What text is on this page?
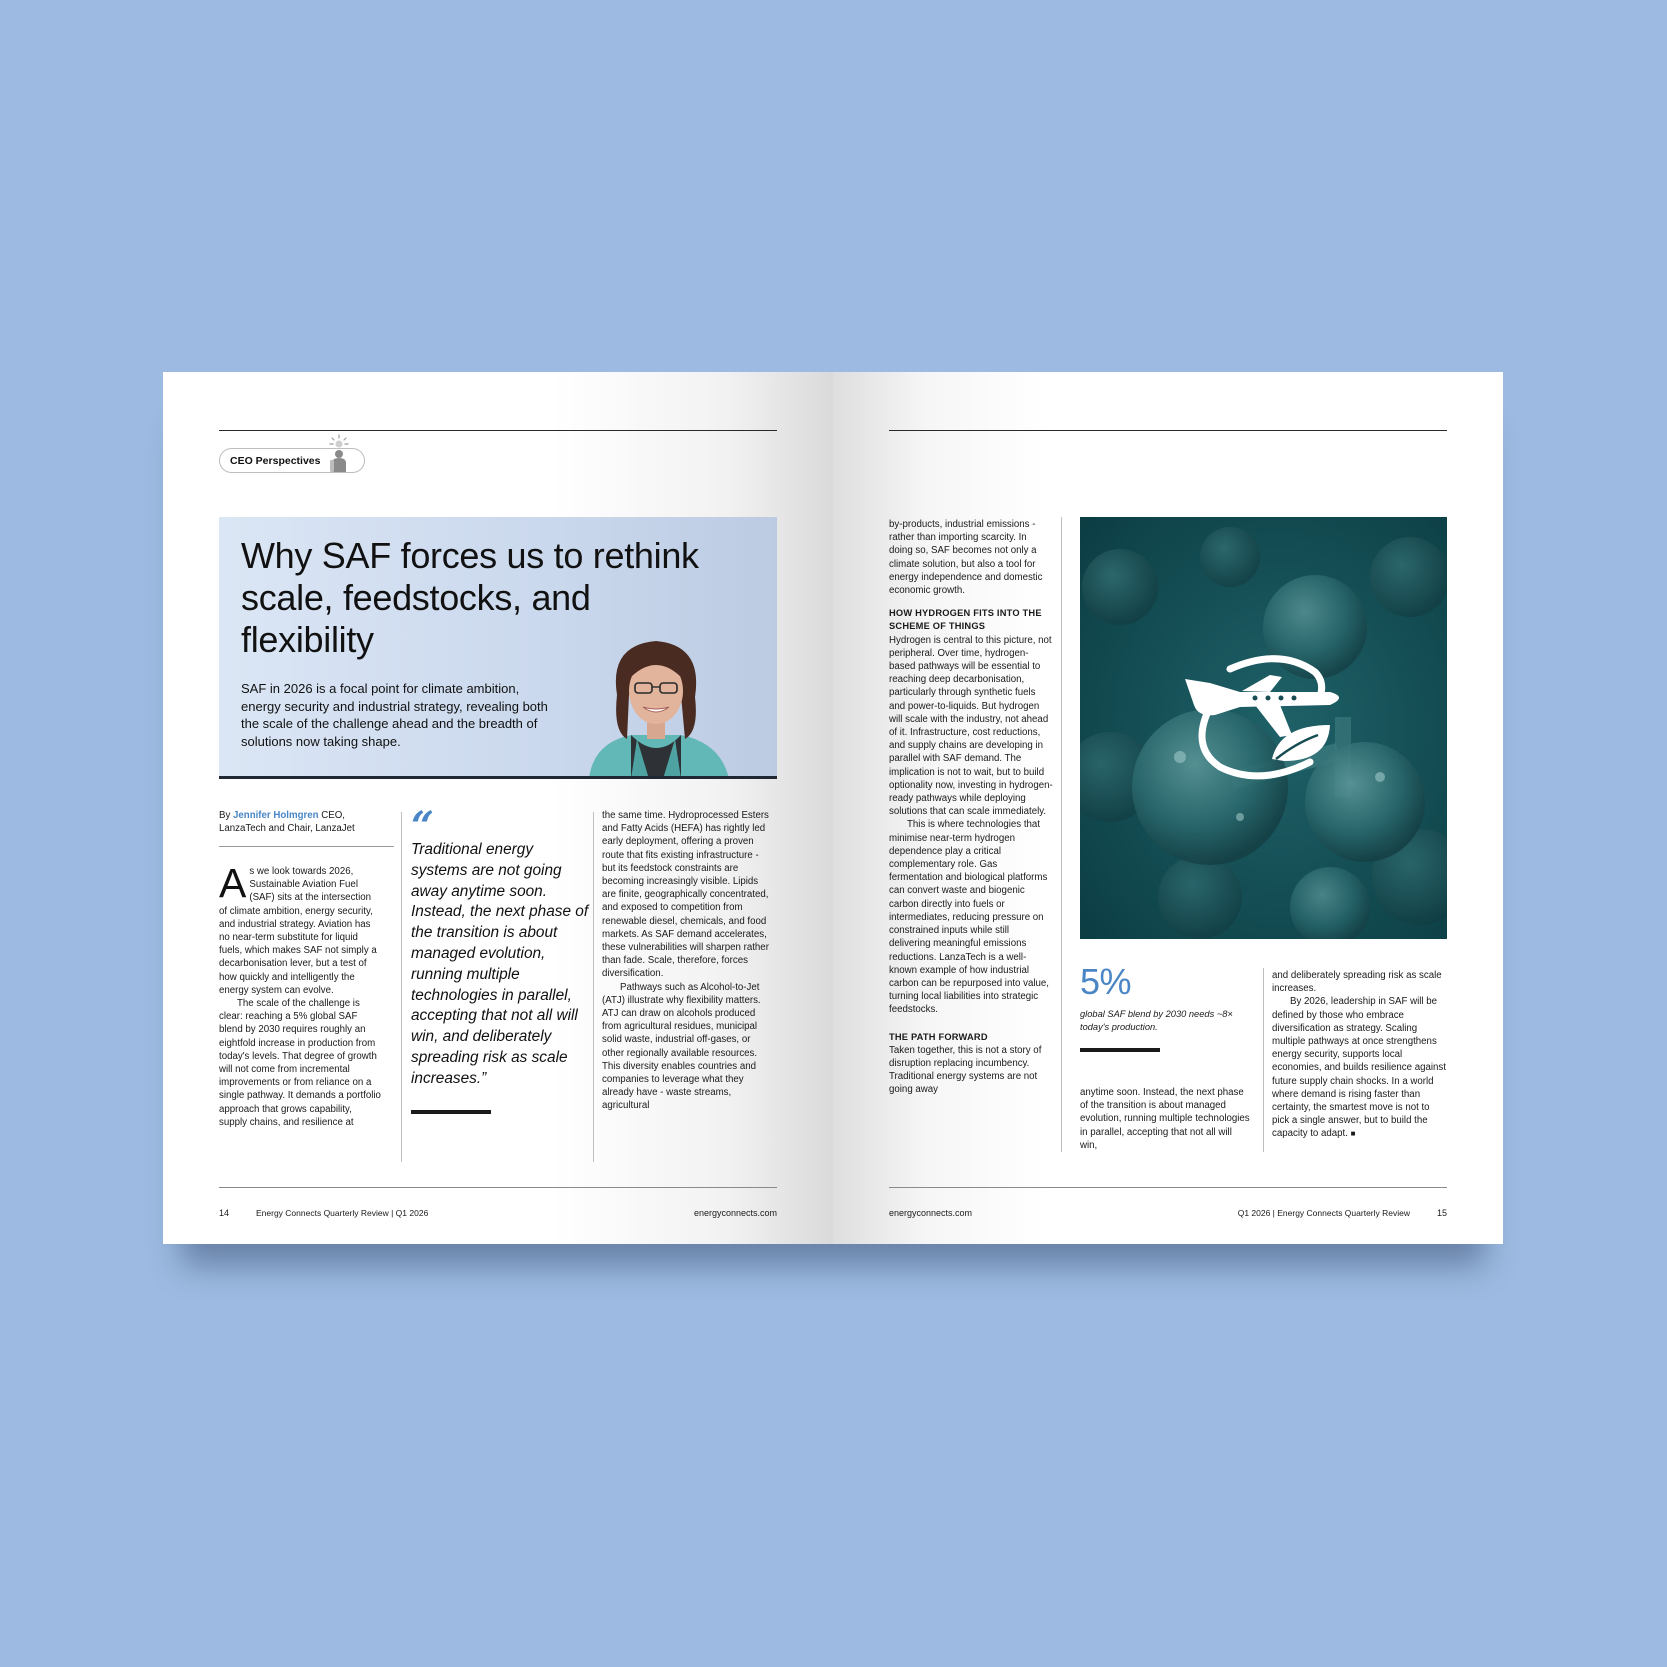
CEO Perspectives
Why SAF forces us to rethink scale, feedstocks, and flexibility

SAF in 2026 is a focal point for climate ambition, energy security and industrial strategy, revealing both the scale of the challenge ahead and the breadth of solutions now taking shape.

By Jennifer Holmgren CEO,
LanzaTech and Chair, LanzaJet

As we look towards 2026, Sustainable Aviation Fuel (SAF) sits at the intersection of climate ambition, energy security, and industrial strategy. Aviation has no near-term substitute for liquid fuels, which makes SAF not simply a decarbonisation lever, but a test of how quickly and intelligently the energy system can evolve.

The scale of the challenge is clear: reaching a 5% global SAF blend by 2030 requires roughly an eightfold increase in production from today's levels. That degree of growth will not come from incremental improvements or from reliance on a single pathway. It demands a portfolio approach that grows capability, supply chains, and resilience at

“

Traditional energy systems are not going away anytime soon. Instead, the next phase of the transition is about managed evolution, running multiple technologies in parallel, accepting that not all will win, and deliberately spreading risk as scale increases.”

the same time. Hydroprocessed Esters and Fatty Acids (HEFA) has rightly led early deployment, offering a proven route that fits existing infrastructure - but its feedstock constraints are becoming increasingly visible. Lipids are finite, geographically concentrated, and exposed to competition from renewable diesel, chemicals, and food markets. As SAF demand accelerates, these vulnerabilities will sharpen rather than fade. Scale, therefore, forces diversification.

Pathways such as Alcohol-to-Jet (ATJ) illustrate why flexibility matters. ATJ can draw on alcohols produced from agricultural residues, municipal solid waste, industrial off-gases, or other regionally available resources. This diversity enables countries and companies to leverage what they already have - waste streams, agricultural

14	Energy Connects Quarterly Review | Q1 2026	energyconnects.com

by-products, industrial emissions - rather than importing scarcity. In doing so, SAF becomes not only a climate solution, but also a tool for energy independence and domestic economic growth.

HOW HYDROGEN FITS INTO THE SCHEME OF THINGS

Hydrogen is central to this picture, not peripheral. Over time, hydrogen-based pathways will be essential to reaching deep decarbonisation, particularly through synthetic fuels and power-to-liquids. But hydrogen will scale with the industry, not ahead of it. Infrastructure, cost reductions, and supply chains are developing in parallel with SAF demand. The implication is not to wait, but to build optionality now, investing in hydrogen-ready pathways while deploying solutions that can scale immediately.

This is where technologies that minimise near-term hydrogen dependence play a critical complementary role. Gas fermentation and biological platforms can convert waste and biogenic carbon directly into fuels or intermediates, reducing pressure on constrained inputs while still delivering meaningful emissions reductions. LanzaTech is a well-known example of how industrial carbon can be repurposed into value, turning local liabilities into strategic feedstocks.

THE PATH FORWARD

Taken together, this is not a story of disruption replacing incumbency. Traditional energy systems are not going away

5%

global SAF blend by 2030 needs ~8× today's production.

anytime soon. Instead, the next phase of the transition is about managed evolution, running multiple technologies in parallel, accepting that not all will win,

and deliberately spreading risk as scale increases.

By 2026, leadership in SAF will be defined by those who embrace diversification as strategy. Scaling multiple pathways at once strengthens energy security, supports local economies, and builds resilience against future supply chain shocks. In a world where demand is rising faster than certainty, the smartest move is not to pick a single answer, but to build the capacity to adapt. ■

energyconnects.com	Q1 2026 | Energy Connects Quarterly Review	15
